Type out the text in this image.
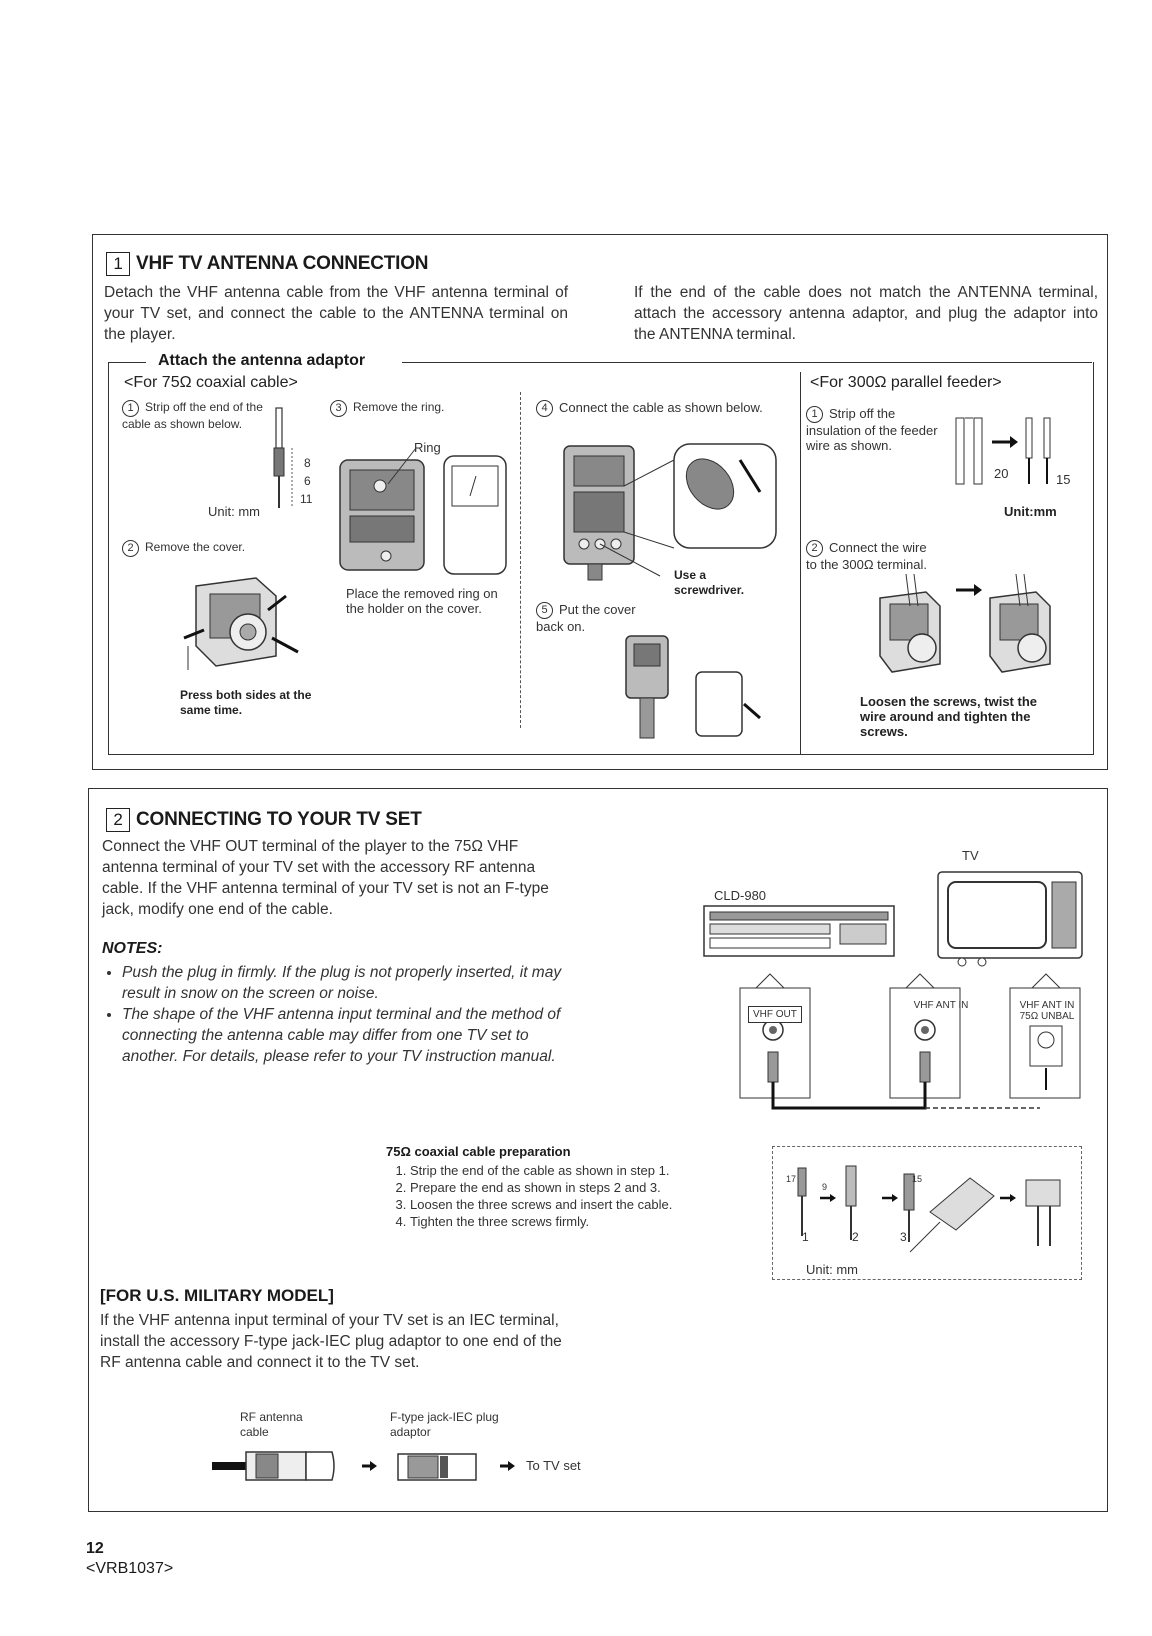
1 VHF TV ANTENNA CONNECTION
Detach the VHF antenna cable from the VHF antenna terminal of your TV set, and connect the cable to the ANTENNA terminal on the player.
If the end of the cable does not match the ANTENNA terminal, attach the accessory antenna adaptor, and plug the adaptor into the ANTENNA terminal.
Attach the antenna adaptor
<For 75Ω coaxial cable>	<For 300Ω parallel feeder>
1 Strip off the end of the cable as shown below.
8
6
11
Unit: mm
2 Remove the cover.
Press both sides at the same time.
3 Remove the ring.
Ring
Place the removed ring on the holder on the cover.
4 Connect the cable as shown below.
Use a screwdriver.
5 Put the cover back on.
1 Strip off the insulation of the feeder wire as shown.
20	15
Unit:mm
2 Connect the wire to the 300Ω terminal.
Loosen the screws, twist the wire around and tighten the screws.
2 CONNECTING TO YOUR TV SET
Connect the VHF OUT terminal of the player to the 75Ω VHF antenna terminal of your TV set with the accessory RF antenna cable. If the VHF antenna terminal of your TV set is not an F-type jack, modify one end of the cable.
NOTES:
• Push the plug in firmly. If the plug is not properly inserted, it may result in snow on the screen or noise.
• The shape of the VHF antenna input terminal and the method of connecting the antenna cable may differ from one TV set to another. For details, please refer to your TV instruction manual.
CLD-980
TV
VHF OUT
VHF ANT IN	VHF ANT IN 75Ω UNBAL
17
9
15
1	2	3
Unit: mm
75Ω coaxial cable preparation
1. Strip the end of the cable as shown in step 1.
2. Prepare the end as shown in steps 2 and 3.
3. Loosen the three screws and insert the cable.
4. Tighten the three screws firmly.
[FOR U.S. MILITARY MODEL]
If the VHF antenna input terminal of your TV set is an IEC terminal, install the accessory F-type jack-IEC plug adaptor to one end of the RF antenna cable and connect it to the TV set.
RF antenna cable
F-type jack-IEC plug adaptor
To TV set
12
<VRB1037>
